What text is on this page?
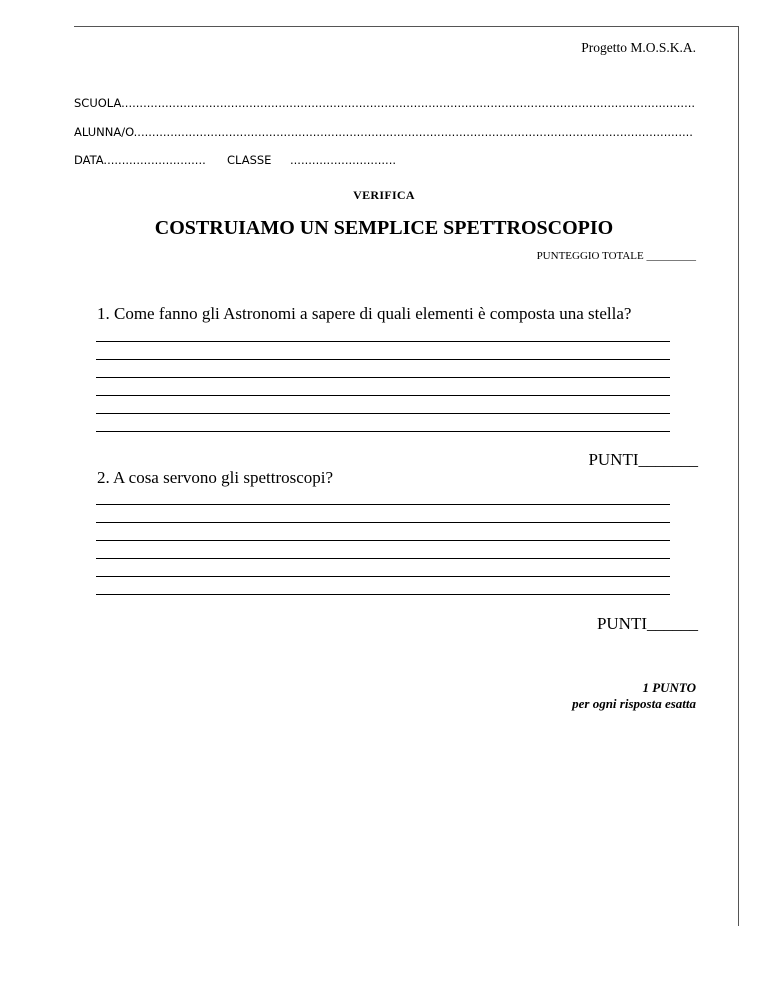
Progetto M.O.S.K.A.
SCUOLA.............................................................................................................................................................
ALUNNA/O.........................................................................................................................................................
DATA............................ CLASSE .............................
VERIFICA
COSTRUIAMO UN SEMPLICE SPETTROSCOPIO
PUNTEGGIO TOTALE _________
1. Come fanno gli Astronomi a sapere di quali elementi è composta una stella?
PUNTI_______
2. A cosa servono gli spettroscopi?
PUNTI______
1 PUNTO
per ogni risposta esatta
